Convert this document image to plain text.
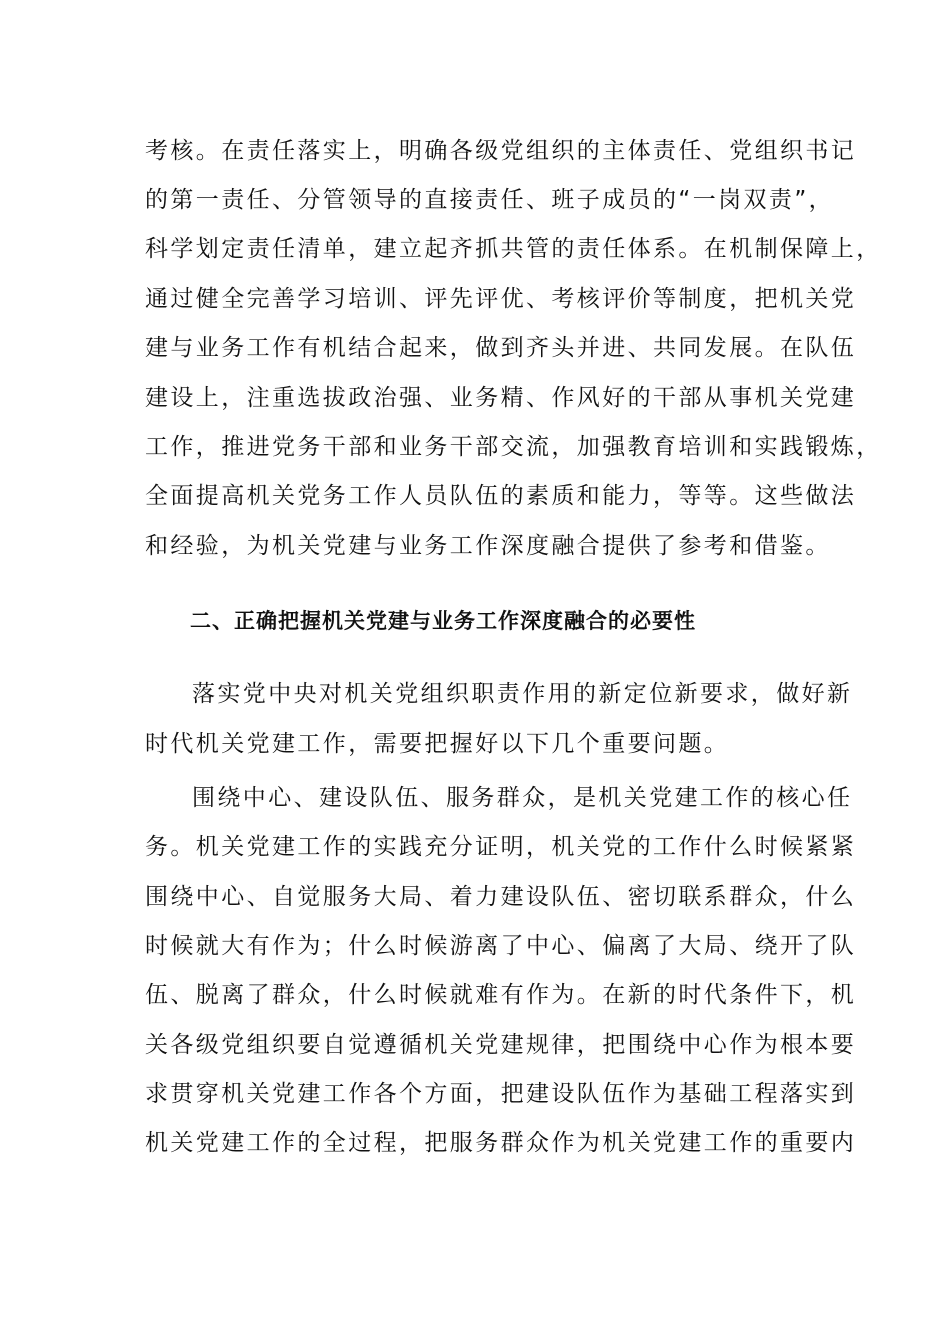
考核。在责任落实上，明确各级党组织的主体责任、党组织书记
的第一责任、分管领导的直接责任、班子成员的“一岗双责”，
科学划定责任清单，建立起齐抓共管的责任体系。在机制保障上，
通过健全完善学习培训、评先评优、考核评价等制度，把机关党
建与业务工作有机结合起来，做到齐头并进、共同发展。在队伍
建设上，注重选拔政治强、业务精、作风好的干部从事机关党建
工作，推进党务干部和业务干部交流，加强教育培训和实践锻炼，
全面提高机关党务工作人员队伍的素质和能力，等等。这些做法
和经验，为机关党建与业务工作深度融合提供了参考和借鉴。
二、正确把握机关党建与业务工作深度融合的必要性
落实党中央对机关党组织职责作用的新定位新要求，做好新
时代机关党建工作，需要把握好以下几个重要问题。
围绕中心、建设队伍、服务群众，是机关党建工作的核心任
务。机关党建工作的实践充分证明，机关党的工作什么时候紧紧
围绕中心、自觉服务大局、着力建设队伍、密切联系群众，什么
时候就大有作为；什么时候游离了中心、偏离了大局、绕开了队
伍、脱离了群众，什么时候就难有作为。在新的时代条件下，机
关各级党组织要自觉遵循机关党建规律，把围绕中心作为根本要
求贯穿机关党建工作各个方面，把建设队伍作为基础工程落实到
机关党建工作的全过程，把服务群众作为机关党建工作的重要内
